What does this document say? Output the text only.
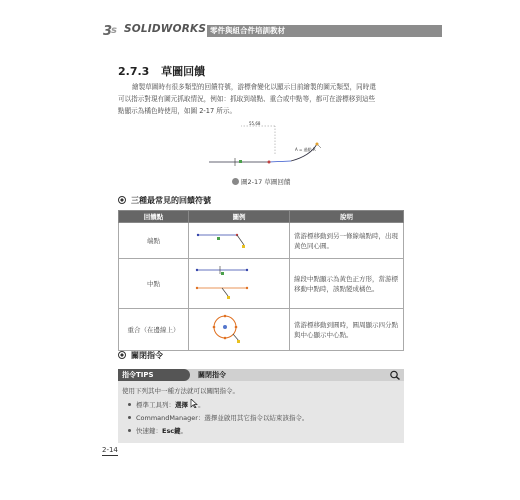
3
s SOLIDWORKS 零件與組合件培訓教材
2.7.3 草圖回饋
繪製草圖時有很多類型的回饋符號，游標會變化以顯示目前繪製的圖元類型，同時還
可以指示對現有圖元抓取情況，例如：抓取到端點、重合或中點等，都可在游標移到這些
點顯示為橘色時使用，如圖 2-17 所示。
55,68
A = 過點 R
圖2-17 草圖回饋
三種最常見的回饋符號
回饋點	圖例	說明
端點		當游標移動到另一條線端點時，出現黃色同心圓。
中點		線段中點顯示為黃色正方形，當游標移動中點時，該點變成橘色。
重合（在邊線上）		當游標移動到圓時，圓周顯示四分點與中心顯示中心點。
關閉指令
指令TIPS	關閉指令
使用下列其中一種方法就可以關閉指令。
標準工具列：選擇 。
CommandManager：選擇並啟用其它指令以結束該指令。
快速鍵：Esc鍵。
2-14
